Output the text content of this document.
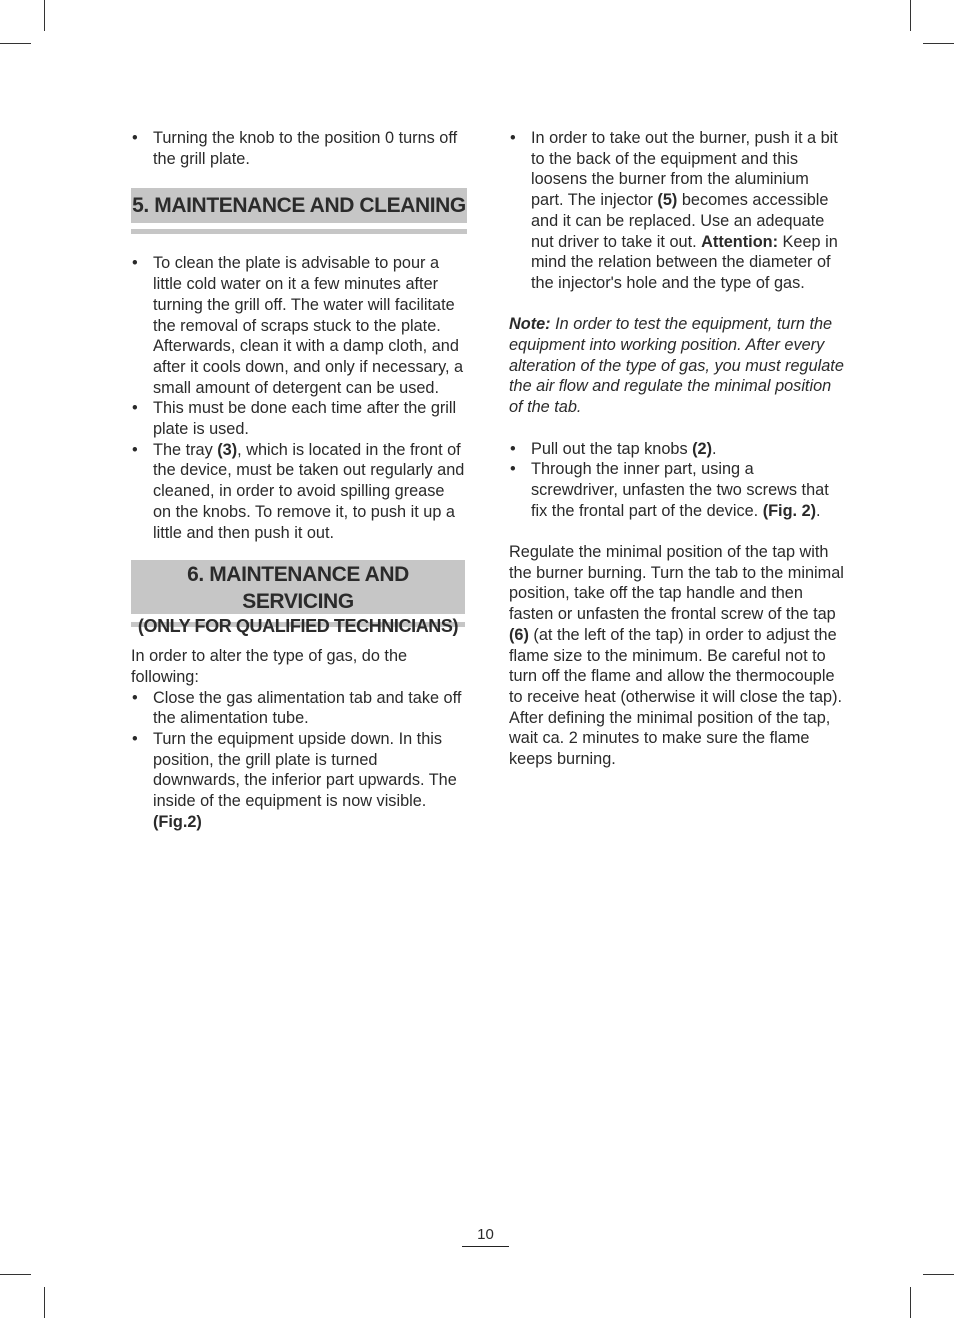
• Turning the knob to the position 0 turns off the grill plate.
5. MAINTENANCE AND CLEANING
• To clean the plate is advisable to pour a little cold water on it a few minutes after turning the grill off. The water will facilitate the removal of scraps stuck to the plate. Afterwards, clean it with a damp cloth, and after it cools down, and only if necessary, a small amount of detergent can be used.
• This must be done each time after the grill plate is used.
• The tray (3), which is located in the front of the device, must be taken out regularly and cleaned, in order to avoid spilling grease on the knobs. To remove it, to push it up a little and then push it out.
6. MAINTENANCE AND SERVICING
(ONLY FOR QUALIFIED TECHNICIANS)

In order to alter the type of gas, do the following:

• Close the gas alimentation tab and take off the alimentation tube.
• Turn the equipment upside down. In this position, the grill plate is turned downwards, the inferior part upwards. The inside of the equipment is now visible. (Fig.2)
• In order to take out the burner, push it a bit to the back of the equipment and this loosens the burner from the aluminium part. The injector (5) becomes accessible and it can be replaced. Use an adequate nut driver to take it out. Attention: Keep in mind the relation between the diameter of the injector's hole and the type of gas.

Note: In order to test the equipment, turn the equipment into working position. After every alteration of the type of gas, you must regulate the air flow and regulate the minimal position of the tab.

• Pull out the tap knobs (2).
• Through the inner part, using a screwdriver, unfasten the two screws that fix the frontal part of the device. (Fig. 2).

Regulate the minimal position of the tap with the burner burning. Turn the tab to the minimal position, take off the tap handle and then fasten or unfasten the frontal screw of the tap (6) (at the left of the tap) in order to adjust the flame size to the minimum. Be careful not to turn off the flame and allow the thermocouple to receive heat (otherwise it will close the tap). After defining the minimal position of the tap, wait ca. 2 minutes to make sure the flame keeps burning.

10
